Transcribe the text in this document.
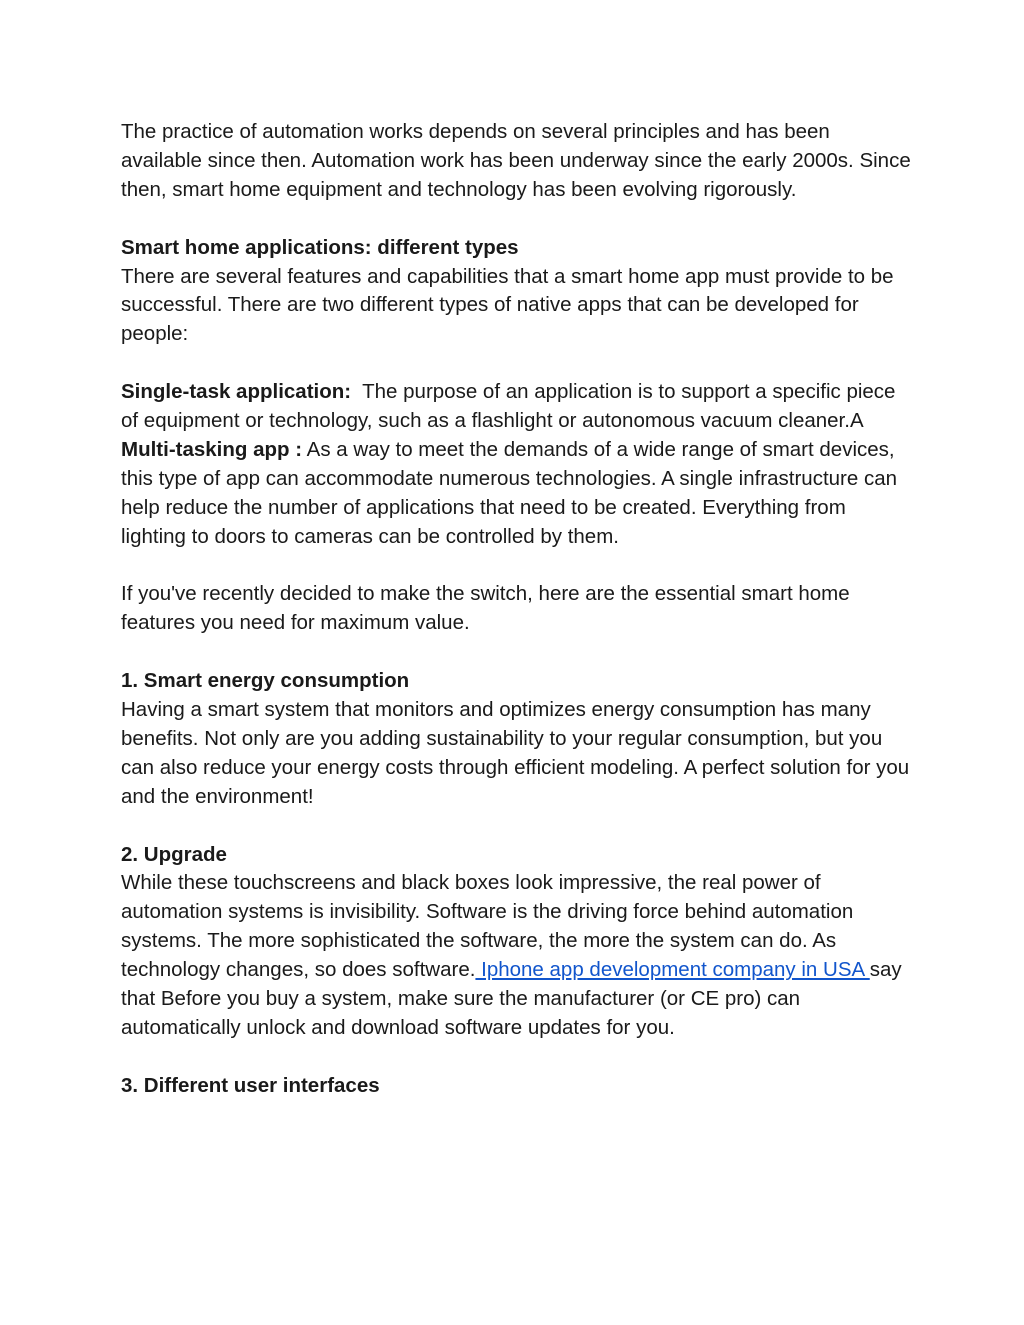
The practice of automation works depends on several principles and has been available since then. Automation work has been underway since the early 2000s. Since then, smart home equipment and technology has been evolving rigorously.

Smart home applications: different types

There are several features and capabilities that a smart home app must provide to be successful. There are two different types of native apps that can be developed for people:

Single-task application:  The purpose of an application is to support a specific piece of equipment or technology, such as a flashlight or autonomous vacuum cleaner.A

Multi-tasking app : As a way to meet the demands of a wide range of smart devices, this type of app can accommodate numerous technologies. A single infrastructure can help reduce the number of applications that need to be created. Everything from lighting to doors to cameras can be controlled by them.

If you've recently decided to make the switch, here are the essential smart home features you need for maximum value.

1. Smart energy consumption

Having a smart system that monitors and optimizes energy consumption has many benefits. Not only are you adding sustainability to your regular consumption, but you can also reduce your energy costs through efficient modeling. A perfect solution for you and the environment!

2. Upgrade

While these touchscreens and black boxes look impressive, the real power of automation systems is invisibility. Software is the driving force behind automation systems. The more sophisticated the software, the more the system can do. As technology changes, so does software. Iphone app development company in USA say that Before you buy a system, make sure the manufacturer (or CE pro) can automatically unlock and download software updates for you.

3. Different user interfaces
